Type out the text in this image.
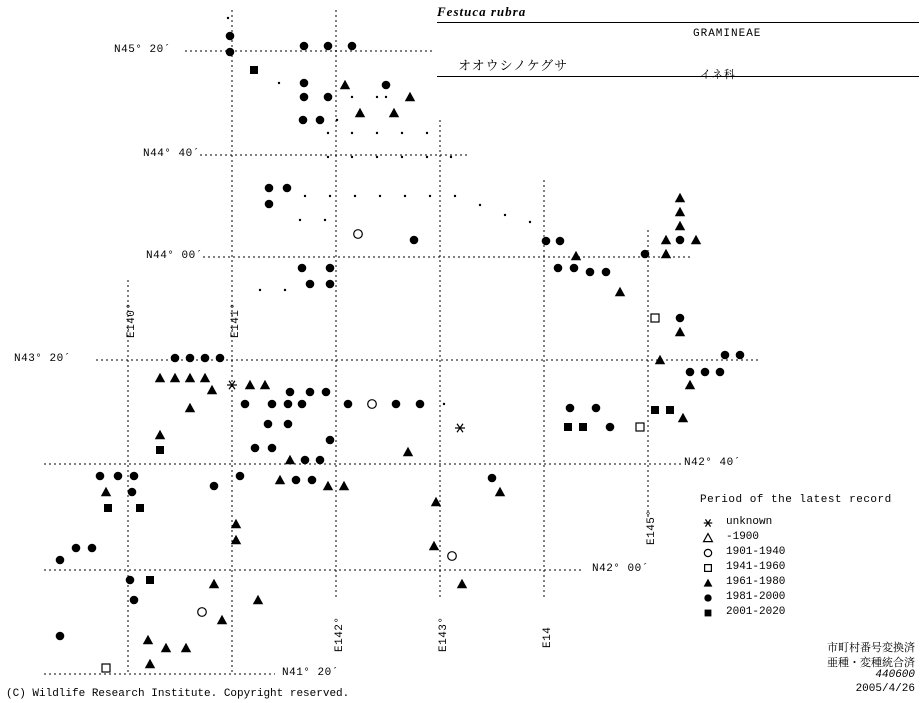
Festuca rubra
GRAMINEAE
オオウシノケグサ
イネ科
N45° 20´
N44° 40´
N44° 00´
N43° 20´
N42° 40´
N42° 00´
N41° 20´
E140°	E141°
E142°	E143°	E14
E145°
Period of the latest record
unknown
-1900
1901-1940
1941-1960
1961-1980
1981-2000
2001-2020
(C) Wildlife Research Institute. Copyright reserved.
市町村番号変換済
亜種・変種統合済
440600
2005/4/26
